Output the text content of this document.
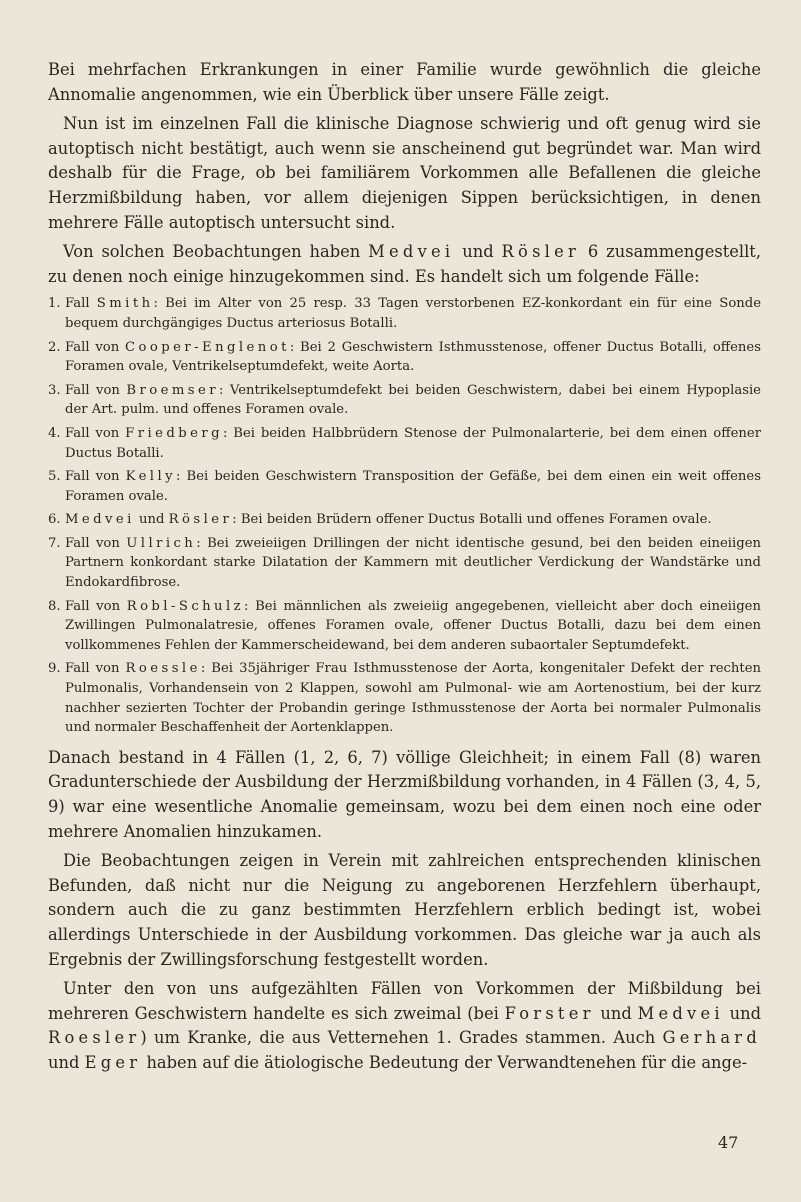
Bei mehrfachen Erkrankungen in einer Familie wurde gewöhnlich die gleiche Annomalie angenommen, wie ein Überblick über unsere Fälle zeigt.

Nun ist im einzelnen Fall die klinische Diagnose schwierig und oft genug wird sie autoptisch nicht bestätigt, auch wenn sie anscheinend gut begründet war. Man wird deshalb für die Frage, ob bei familiärem Vorkommen alle Befallenen die gleiche Herzmißbildung haben, vor allem diejenigen Sippen berücksichtigen, in denen mehrere Fälle autoptisch untersucht sind.

Von solchen Beobachtungen haben Medvei und Rösler 6 zusammengestellt, zu denen noch einige hinzugekommen sind. Es handelt sich um folgende Fälle:

1. Fall Smith: Bei im Alter von 25 resp. 33 Tagen verstorbenen EZ-konkordant ein für eine Sonde bequem durchgängiges Ductus arteriosus Botalli.
2. Fall von Cooper-Englenot: Bei 2 Geschwistern Isthmusstenose, offener Ductus Botalli, offenes Foramen ovale, Ventrikelseptumdefekt, weite Aorta.
3. Fall von Broemser: Ventrikelseptumdefekt bei beiden Geschwistern, dabei bei einem Hypoplasie der Art. pulm. und offenes Foramen ovale.
4. Fall von Friedberg: Bei beiden Halbbrüdern Stenose der Pulmonalarterie, bei dem einen offener Ductus Botalli.
5. Fall von Kelly: Bei beiden Geschwistern Transposition der Gefäße, bei dem einen ein weit offenes Foramen ovale.
6. Medvei und Rösler: Bei beiden Brüdern offener Ductus Botalli und offenes Foramen ovale.
7. Fall von Ullrich: Bei zweieiigen Drillingen der nicht identische gesund, bei den beiden eineiigen Partnern konkordant starke Dilatation der Kammern mit deutlicher Verdickung der Wandstärke und Endokardfibrose.
8. Fall von Robl-Schulz: Bei männlichen als zweieiig angegebenen, vielleicht aber doch eineiigen Zwillingen Pulmonalatresie, offenes Foramen ovale, offener Ductus Botalli, dazu bei dem einen vollkommenes Fehlen der Kammerscheidewand, bei dem anderen subaortaler Septumdefekt.
9. Fall von Roessle: Bei 35jähriger Frau Isthmusstenose der Aorta, kongenitaler Defekt der rechten Pulmonalis, Vorhandensein von 2 Klappen, sowohl am Pulmonal- wie am Aortenostium, bei der kurz nachher sezierten Tochter der Probandin geringe Isthmusstenose der Aorta bei normaler Pulmonalis und normaler Beschaffenheit der Aortenklappen.

Danach bestand in 4 Fällen (1, 2, 6, 7) völlige Gleichheit; in einem Fall (8) waren Gradunterschiede der Ausbildung der Herzmißbildung vorhanden, in 4 Fällen (3, 4, 5, 9) war eine wesentliche Anomalie gemeinsam, wozu bei dem einen noch eine oder mehrere Anomalien hinzukamen.

Die Beobachtungen zeigen in Verein mit zahlreichen entsprechenden klinischen Befunden, daß nicht nur die Neigung zu angeborenen Herzfehlern überhaupt, sondern auch die zu ganz bestimmten Herzfehlern erblich bedingt ist, wobei allerdings Unterschiede in der Ausbildung vorkommen. Das gleiche war ja auch als Ergebnis der Zwillingsforschung festgestellt worden.

Unter den von uns aufgezählten Fällen von Vorkommen der Mißbildung bei mehreren Geschwistern handelte es sich zweimal (bei Forster und Medvei und Roesler) um Kranke, die aus Vetternehen 1. Grades stammen. Auch Gerhard und Eger haben auf die ätiologische Bedeutung der Verwandtenehen für die ange-

47
